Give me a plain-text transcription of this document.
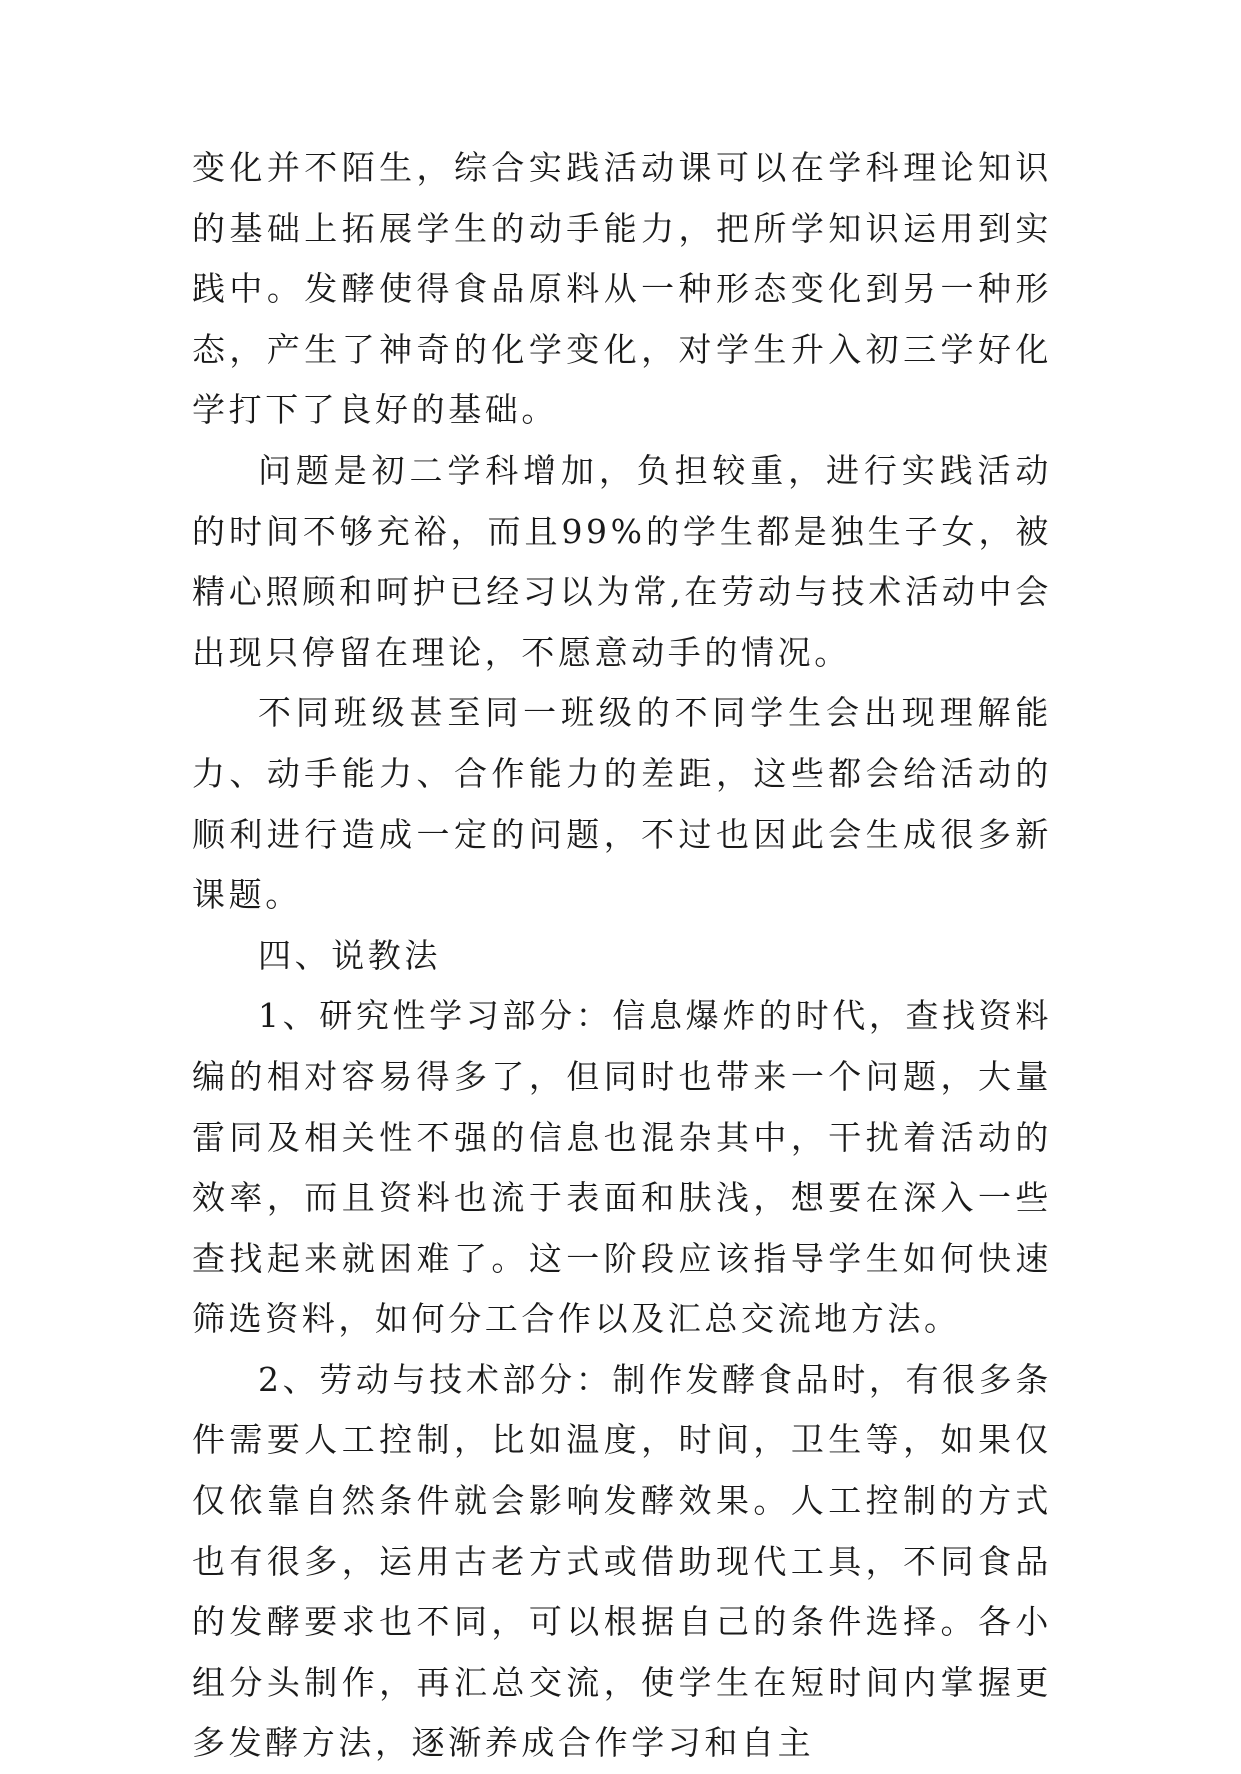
变化并不陌生，综合实践活动课可以在学科理论知识的基础上拓展学生的动手能力，把所学知识运用到实践中。发酵使得食品原料从一种形态变化到另一种形态，产生了神奇的化学变化，对学生升入初三学好化学打下了良好的基础。

问题是初二学科增加，负担较重，进行实践活动的时间不够充裕，而且99%的学生都是独生子女，被精心照顾和呵护已经习以为常,在劳动与技术活动中会出现只停留在理论，不愿意动手的情况。

不同班级甚至同一班级的不同学生会出现理解能力、动手能力、合作能力的差距，这些都会给活动的顺利进行造成一定的问题，不过也因此会生成很多新课题。

四、说教法

1、研究性学习部分：信息爆炸的时代，查找资料编的相对容易得多了，但同时也带来一个问题，大量雷同及相关性不强的信息也混杂其中，干扰着活动的效率，而且资料也流于表面和肤浅，想要在深入一些查找起来就困难了。这一阶段应该指导学生如何快速筛选资料，如何分工合作以及汇总交流地方法。

2、劳动与技术部分：制作发酵食品时，有很多条件需要人工控制，比如温度，时间，卫生等，如果仅仅依靠自然条件就会影响发酵效果。人工控制的方式也有很多，运用古老方式或借助现代工具，不同食品的发酵要求也不同，可以根据自己的条件选择。各小组分头制作，再汇总交流，使学生在短时间内掌握更多发酵方法，逐渐养成合作学习和自主
